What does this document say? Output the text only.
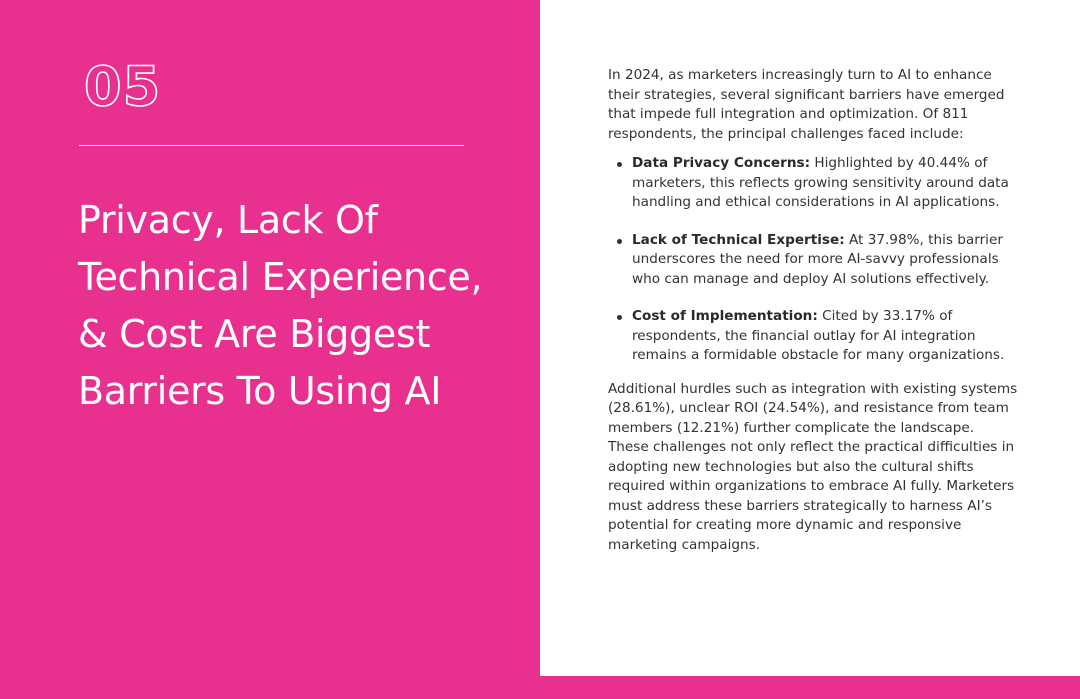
05
Privacy, Lack Of Technical Experience, & Cost Are Biggest Barriers To Using AI

In 2024, as marketers increasingly turn to AI to enhance their strategies, several significant barriers have emerged that impede full integration and optimization. Of 811 respondents, the principal challenges faced include:

Data Privacy Concerns: Highlighted by 40.44% of marketers, this reflects growing sensitivity around data handling and ethical considerations in AI applications.
Lack of Technical Expertise: At 37.98%, this barrier underscores the need for more AI-savvy professionals who can manage and deploy AI solutions effectively.
Cost of Implementation: Cited by 33.17% of respondents, the financial outlay for AI integration remains a formidable obstacle for many organizations.

Additional hurdles such as integration with existing systems (28.61%), unclear ROI (24.54%), and resistance from team members (12.21%) further complicate the landscape. These challenges not only reflect the practical difficulties in adopting new technologies but also the cultural shifts required within organizations to embrace AI fully. Marketers must address these barriers strategically to harness AI’s potential for creating more dynamic and responsive marketing campaigns.
